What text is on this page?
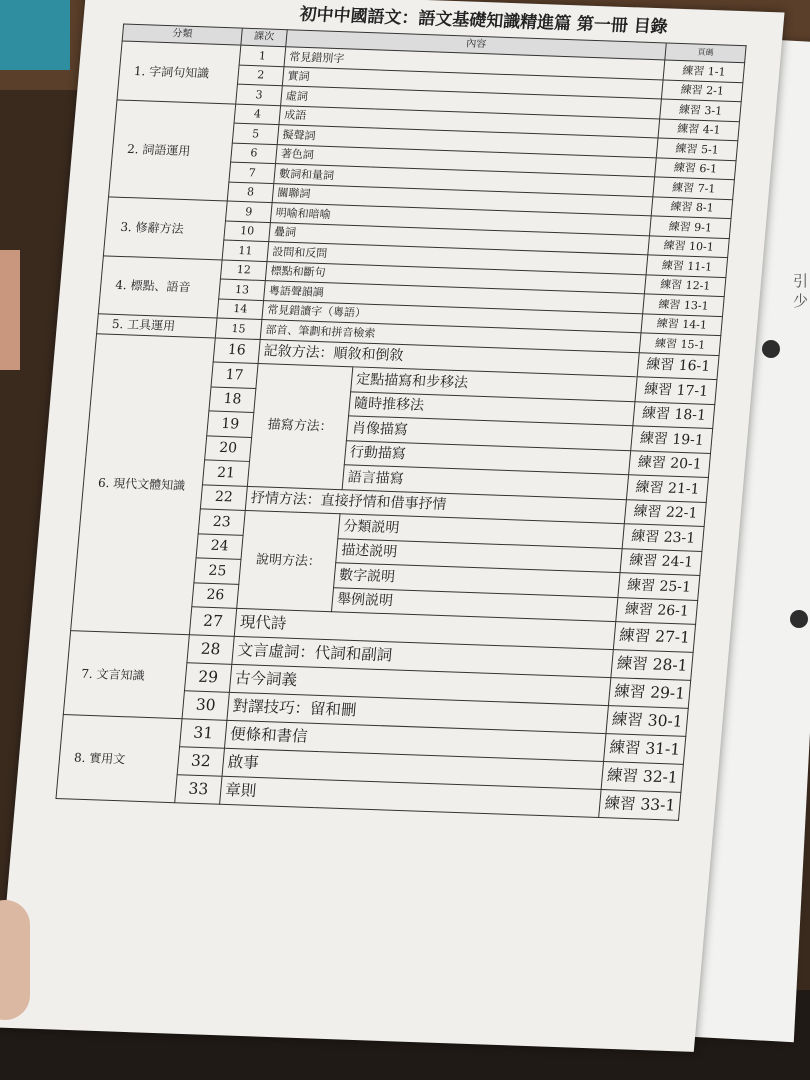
引
少
初中中國語文：語文基礎知識精進篇 第一冊 目錄
分類	課次	內容		頁碼
1. 字詞句知識	1	常見錯別字		練習 1-1
	2	實詞		練習 2-1
	3	虛詞		練習 3-1
2. 詞語運用	4	成語		練習 4-1
	5	擬聲詞		練習 5-1
	6	著色詞		練習 6-1
	7	數詞和量詞		練習 7-1
	8	關聯詞		練習 8-1
3. 修辭方法	9	明喻和暗喻		練習 9-1
	10	疊詞		練習 10-1
	11	設問和反問		練習 11-1
4. 標點、語音	12	標點和斷句		練習 12-1
	13	粵語聲韻調		練習 13-1
	14	常見錯讀字（粵語）		練習 14-1
5. 工具運用	15	部首、筆劃和拼音檢索		練習 15-1
6. 現代文體知識	16	記敘方法：順敘和倒敘		練習 16-1
	17	描寫方法：	定點描寫和步移法	練習 17-1
	18		隨時推移法	練習 18-1
	19		肖像描寫	練習 19-1
	20		行動描寫	練習 20-1
	21		語言描寫	練習 21-1
	22	抒情方法：直接抒情和借事抒情		練習 22-1
	23	說明方法：	分類説明	練習 23-1
	24		描述説明	練習 24-1
	25		數字説明	練習 25-1
	26		舉例説明	練習 26-1
	27	現代詩		練習 27-1
7. 文言知識	28	文言虛詞：代詞和副詞		練習 28-1
	29	古今詞義		練習 29-1
	30	對譯技巧：留和刪		練習 30-1
8. 實用文	31	便條和書信		練習 31-1
	32	啟事		練習 32-1
	33	章則		練習 33-1
